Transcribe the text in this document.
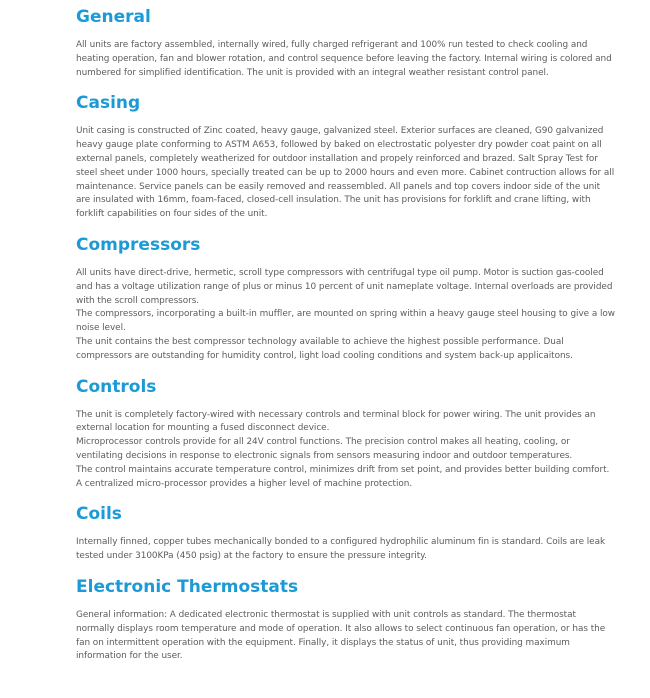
General

All units are factory assembled, internally wired, fully charged refrigerant and 100% run tested to check cooling and heating operation, fan and blower rotation, and control sequence before leaving the factory. Internal wiring is colored and numbered for simplified identification. The unit is provided with an integral weather resistant control panel.

Casing

Unit casing is constructed of Zinc coated, heavy gauge, galvanized steel. Exterior surfaces are cleaned, G90 galvanized heavy gauge plate conforming to ASTM A653, followed by baked on electrostatic polyester dry powder coat paint on all external panels, completely weatherized for outdoor installation and propely reinforced and brazed. Salt Spray Test for steel sheet under 1000 hours, specially treated can be up to 2000 hours and even more. Cabinet contruction allows for all maintenance. Service panels can be easily removed and reassembled. All panels and top covers indoor side of the unit are insulated with 16mm, foam-faced, closed-cell insulation. The unit has provisions for forklift and crane lifting, with forklift capabilities on four sides of the unit.

Compressors

All units have direct-drive, hermetic, scroll type compressors with centrifugal type oil pump. Motor is suction gas-cooled and has a voltage utilization range of plus or minus 10 percent of unit nameplate voltage. Internal overloads are provided with the scroll compressors.

The compressors, incorporating a built-in muffler, are mounted on spring within a heavy gauge steel housing to give a low noise level.

The unit contains the best compressor technology available to achieve the highest possible performance. Dual compressors are outstanding for humidity control, light load cooling conditions and system back-up applicaitons.

Controls

The unit is completely factory-wired with necessary controls and terminal block for power wiring. The unit provides an external location for mounting a fused disconnect device.

Microprocessor controls provide for all 24V control functions. The precision control makes all heating, cooling, or ventilating decisions in response to electronic signals from sensors measuring indoor and outdoor temperatures.

The control maintains accurate temperature control, minimizes drift from set point, and provides better building comfort. A centralized micro-processor provides a higher level of machine protection.

Coils

Internally finned, copper tubes mechanically bonded to a configured hydrophilic aluminum fin is standard. Coils are leak tested under 3100KPa (450 psig) at the factory to ensure the pressure integrity.

Electronic Thermostats

General information: A dedicated electronic thermostat is supplied with unit controls as standard. The thermostat normally displays room temperature and mode of operation. It also allows to select continuous fan operation, or has the fan on intermittent operation with the equipment. Finally, it displays the status of unit, thus providing maximum information for the user.
